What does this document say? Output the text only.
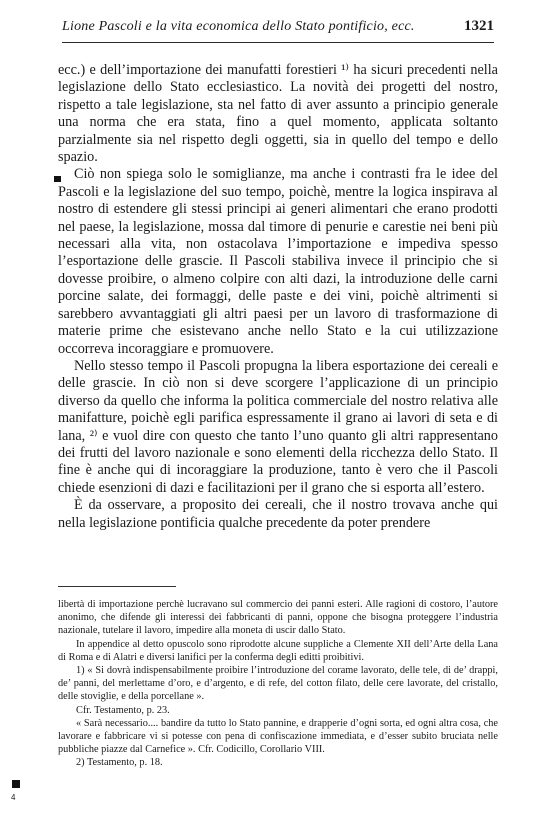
Lione Pascoli e la vita economica dello Stato pontificio, ecc.	1321

ecc.) e dell’importazione dei manufatti forestieri ¹⁾ ha sicuri precedenti nella legislazione dello Stato ecclesiastico. La novità dei progetti del nostro, rispetto a tale legislazione, sta nel fatto di aver assunto a principio generale una norma che era stata, fino a quel momento, applicata soltanto parzialmente sia nel rispetto degli oggetti, sia in quello del tempo e dello spazio.

Ciò non spiega solo le somiglianze, ma anche i contrasti fra le idee del Pascoli e la legislazione del suo tempo, poichè, mentre la logica inspirava al nostro di estendere gli stessi principi ai generi alimentari che erano prodotti nel paese, la legislazione, mossa dal timore di penurie e carestie nei beni più necessari alla vita, non ostacolava l’importazione e impediva spesso l’esportazione delle grascie. Il Pascoli stabiliva invece il principio che si dovesse proibire, o almeno colpire con alti dazi, la introduzione delle carni porcine salate, dei formaggi, delle paste e dei vini, poichè altrimenti si sarebbero avvantaggiati gli altri paesi per un lavoro di trasformazione di materie prime che esistevano anche nello Stato e la cui utilizzazione occorreva incoraggiare e promuovere.

Nello stesso tempo il Pascoli propugna la libera esportazione dei cereali e delle grascie. In ciò non si deve scorgere l’applicazione di un principio diverso da quello che informa la politica commerciale del nostro relativa alle manifatture, poichè egli parifica espressamente il grano ai lavori di seta e di lana, ²⁾ e vuol dire con questo che tanto l’uno quanto gli altri rappresentano dei frutti del lavoro nazionale e sono elementi della ricchezza dello Stato. Il fine è anche qui di incoraggiare la produzione, tanto è vero che il Pascoli chiede esenzioni di dazi e facilitazioni per il grano che si esporta all’estero.

È da osservare, a proposito dei cereali, che il nostro trovava anche qui nella legislazione pontificia qualche precedente da poter prendere

libertà di importazione perchè lucravano sul commercio dei panni esteri. Alle ragioni di costoro, l’autore anonimo, che difende gli interessi dei fabbricanti di panni, oppone che bisogna proteggere l’industria nazionale, tutelare il lavoro, impedire alla moneta di uscir dallo Stato.

In appendice al detto opuscolo sono riprodotte alcune suppliche a Clemente XII dell’Arte della Lana di Roma e di Alatri e diversi lanifici per la conferma degli editti proibitivi.

1) « Si dovrà indispensabilmente proibire l’introduzione del corame lavorato, delle tele, di de’ drappi, de’ panni, del merlettame d’oro, e d’argento, e di refe, del cotton filato, delle cere lavorate, del cristallo, delle stoviglie, e della porcellane ».

Cfr. Testamento, p. 23.

« Sarà necessario.... bandire da tutto lo Stato pannine, e drapperie d’ogni sorta, ed ogni altra cosa, che lavorare e fabbricare vi si potesse con pena di confiscazione immediata, e d’esser subito bruciata nelle pubbliche piazze dal Carnefice ». Cfr. Codicillo, Corollario VIII.

2) Testamento, p. 18.

4
